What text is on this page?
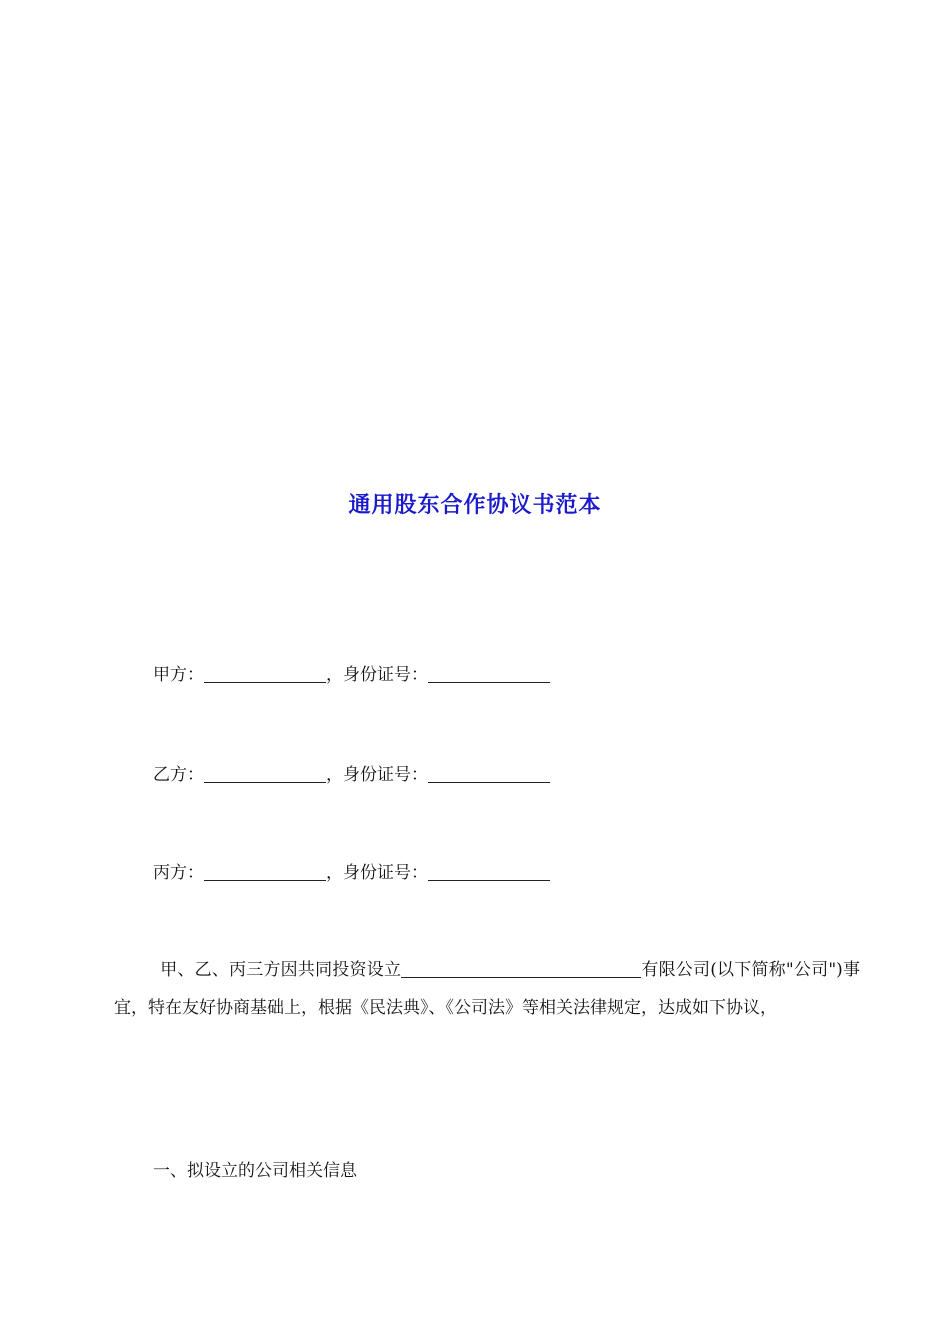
通用股东合作协议书范本
甲方：	，身份证号：
乙方：	，身份证号：
丙方：	，身份证号：
甲、乙、丙三方因共同投资设立	有限公司(以下简称"公司")事宜，特在友好协商基础上，根据《民法典》、《公司法》等相关法律规定，达成如下协议，
一、拟设立的公司相关信息
